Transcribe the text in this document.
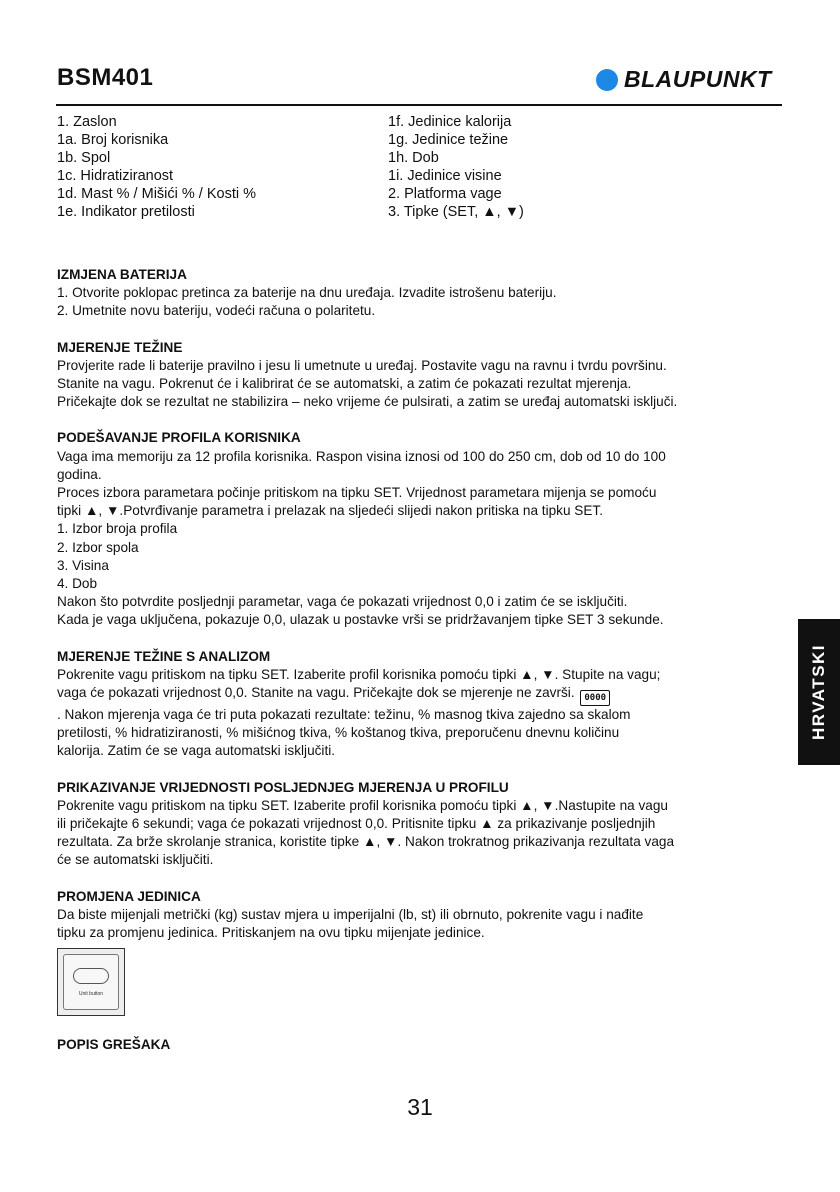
BSM401	BLAUPUNKT
1. Zaslon
1a. Broj korisnika
1b. Spol
1c. Hidratiziranost
1d. Mast % / Mišići % / Kosti %
1e. Indikator pretilosti
1f. Jedinice kalorija
1g. Jedinice težine
1h. Dob
1i. Jedinice visine
2. Platforma vage
3. Tipke (SET, ▲, ▼)
IZMJENA BATERIJA
1. Otvorite poklopac pretinca za baterije na dnu uređaja. Izvadite istrošenu bateriju.
2. Umetnite novu bateriju, vodeći računa o polaritetu.
MJERENJE TEŽINE
Provjerite rade li baterije pravilno i jesu li umetnute u uređaj. Postavite vagu na ravnu i tvrdu površinu.
Stanite na vagu. Pokrenut će i kalibrirat će se automatski, a zatim će pokazati rezultat mjerenja.
Pričekajte dok se rezultat ne stabilizira – neko vrijeme će pulsirati, a zatim se uređaj automatski isključi.
PODEŠAVANJE PROFILA KORISNIKA
Vaga ima memoriju za 12 profila korisnika. Raspon visina iznosi od 100 do 250 cm, dob od 10 do 100
godina.
Proces izbora parametara počinje pritiskom na tipku SET. Vrijednost parametara mijenja se pomoću
tipki ▲, ▼.Potvrđivanje parametra i prelazak na sljedeći slijedi nakon pritiska na tipku SET.
1. Izbor broja profila
2. Izbor spola
3. Visina
4. Dob
Nakon što potvrdite posljednji parametar, vaga će pokazati vrijednost 0,0 i zatim će se isključiti.
Kada je vaga uključena, pokazuje 0,0, ulazak u postavke vrši se pridržavanjem tipke SET 3 sekunde.
MJERENJE TEŽINE S ANALIZOM
Pokrenite vagu pritiskom na tipku SET. Izaberite profil korisnika pomoću tipki ▲, ▼. Stupite na vagu;
vaga će pokazati vrijednost 0,0. Stanite na vagu. Pričekajte dok se mjerenje ne završi. 0000
. Nakon mjerenja vaga će tri puta pokazati rezultate: težinu, % masnog tkiva zajedno sa skalom
pretilosti, % hidratiziranosti, % mišićnog tkiva, % koštanog tkiva, preporučenu dnevnu količinu
kalorija. Zatim će se vaga automatski isključiti.
PRIKAZIVANJE VRIJEDNOSTI POSLJEDNJEG MJERENJA U PROFILU
Pokrenite vagu pritiskom na tipku SET. Izaberite profil korisnika pomoću tipki ▲, ▼.Nastupite na vagu
ili pričekajte 6 sekundi; vaga će pokazati vrijednost 0,0. Pritisnite tipku ▲ za prikazivanje posljednjih
rezultata. Za brže skrolanje stranica, koristite tipke ▲, ▼. Nakon trokratnog prikazivanja rezultata vaga
će se automatski isključiti.
PROMJENA JEDINICA
Da biste mijenjali metrički (kg) sustav mjera u imperijalni (lb, st) ili obrnuto, pokrenite vagu i nađite
tipku za promjenu jedinica. Pritiskanjem na ovu tipku mijenjate jedinice.
Unit button
POPIS GREŠAKA
HRVATSKI
31
